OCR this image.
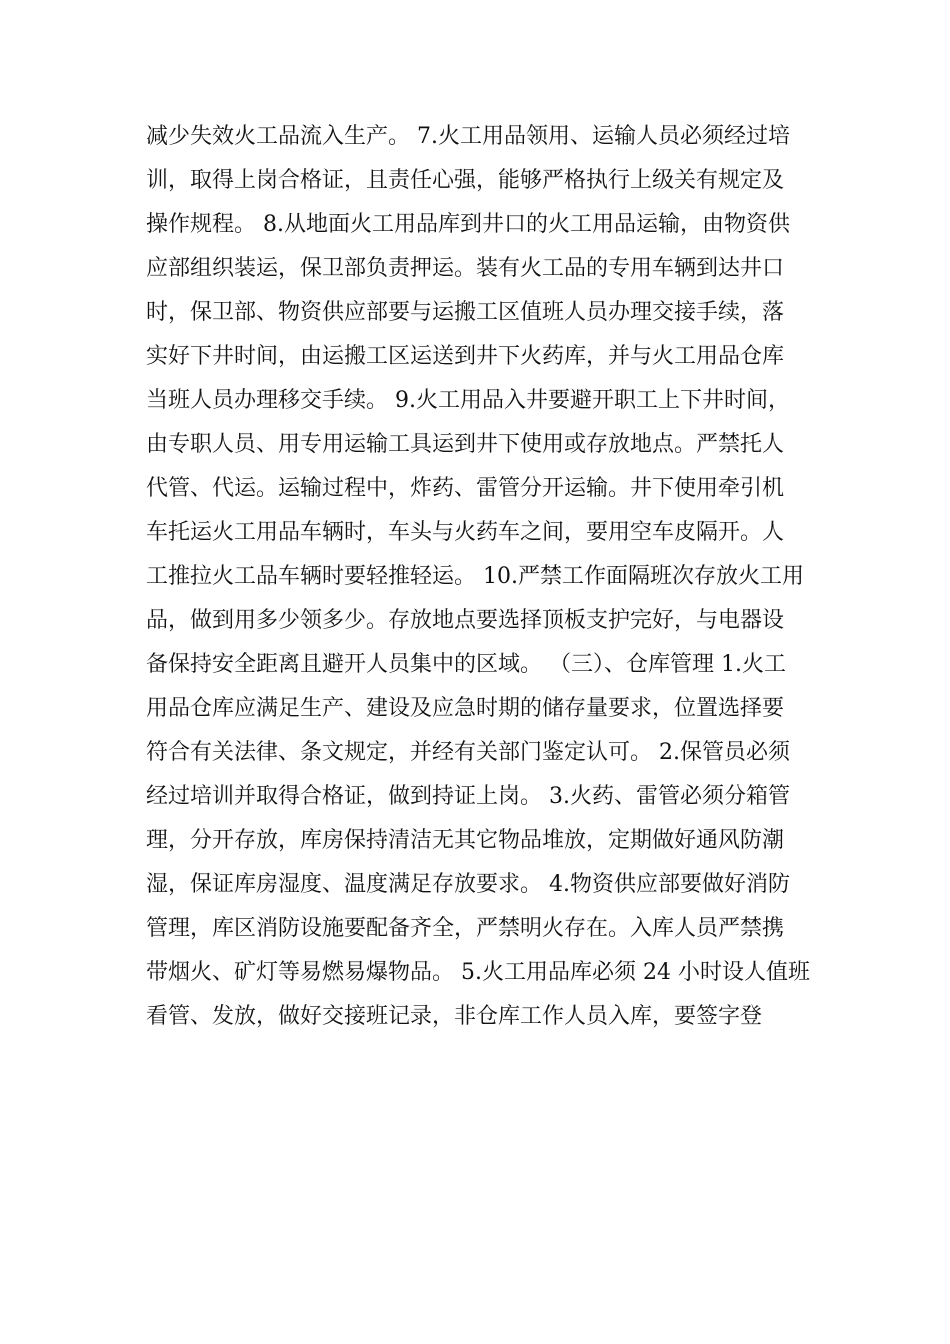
减少失效火工品流入生产。 7.火工用品领用、运输人员必须经过培
训，取得上岗合格证，且责任心强，能够严格执行上级关有规定及
操作规程。 8.从地面火工用品库到井口的火工用品运输，由物资供
应部组织装运，保卫部负责押运。装有火工品的专用车辆到达井口
时，保卫部、物资供应部要与运搬工区值班人员办理交接手续，落
实好下井时间，由运搬工区运送到井下火药库，并与火工用品仓库
当班人员办理移交手续。 9.火工用品入井要避开职工上下井时间，
由专职人员、用专用运输工具运到井下使用或存放地点。严禁托人
代管、代运。运输过程中，炸药、雷管分开运输。井下使用牵引机
车托运火工用品车辆时，车头与火药车之间，要用空车皮隔开。人
工推拉火工品车辆时要轻推轻运。 10.严禁工作面隔班次存放火工用
品，做到用多少领多少。存放地点要选择顶板支护完好，与电器设
备保持安全距离且避开人员集中的区域。 （三）、仓库管理 1.火工
用品仓库应满足生产、建设及应急时期的储存量要求，位置选择要
符合有关法律、条文规定，并经有关部门鉴定认可。 2.保管员必须
经过培训并取得合格证，做到持证上岗。 3.火药、雷管必须分箱管
理，分开存放，库房保持清洁无其它物品堆放，定期做好通风防潮
湿，保证库房湿度、温度满足存放要求。 4.物资供应部要做好消防
管理，库区消防设施要配备齐全，严禁明火存在。入库人员严禁携
带烟火、矿灯等易燃易爆物品。 5.火工用品库必须 24 小时设人值班
看管、发放，做好交接班记录，非仓库工作人员入库，要签字登
